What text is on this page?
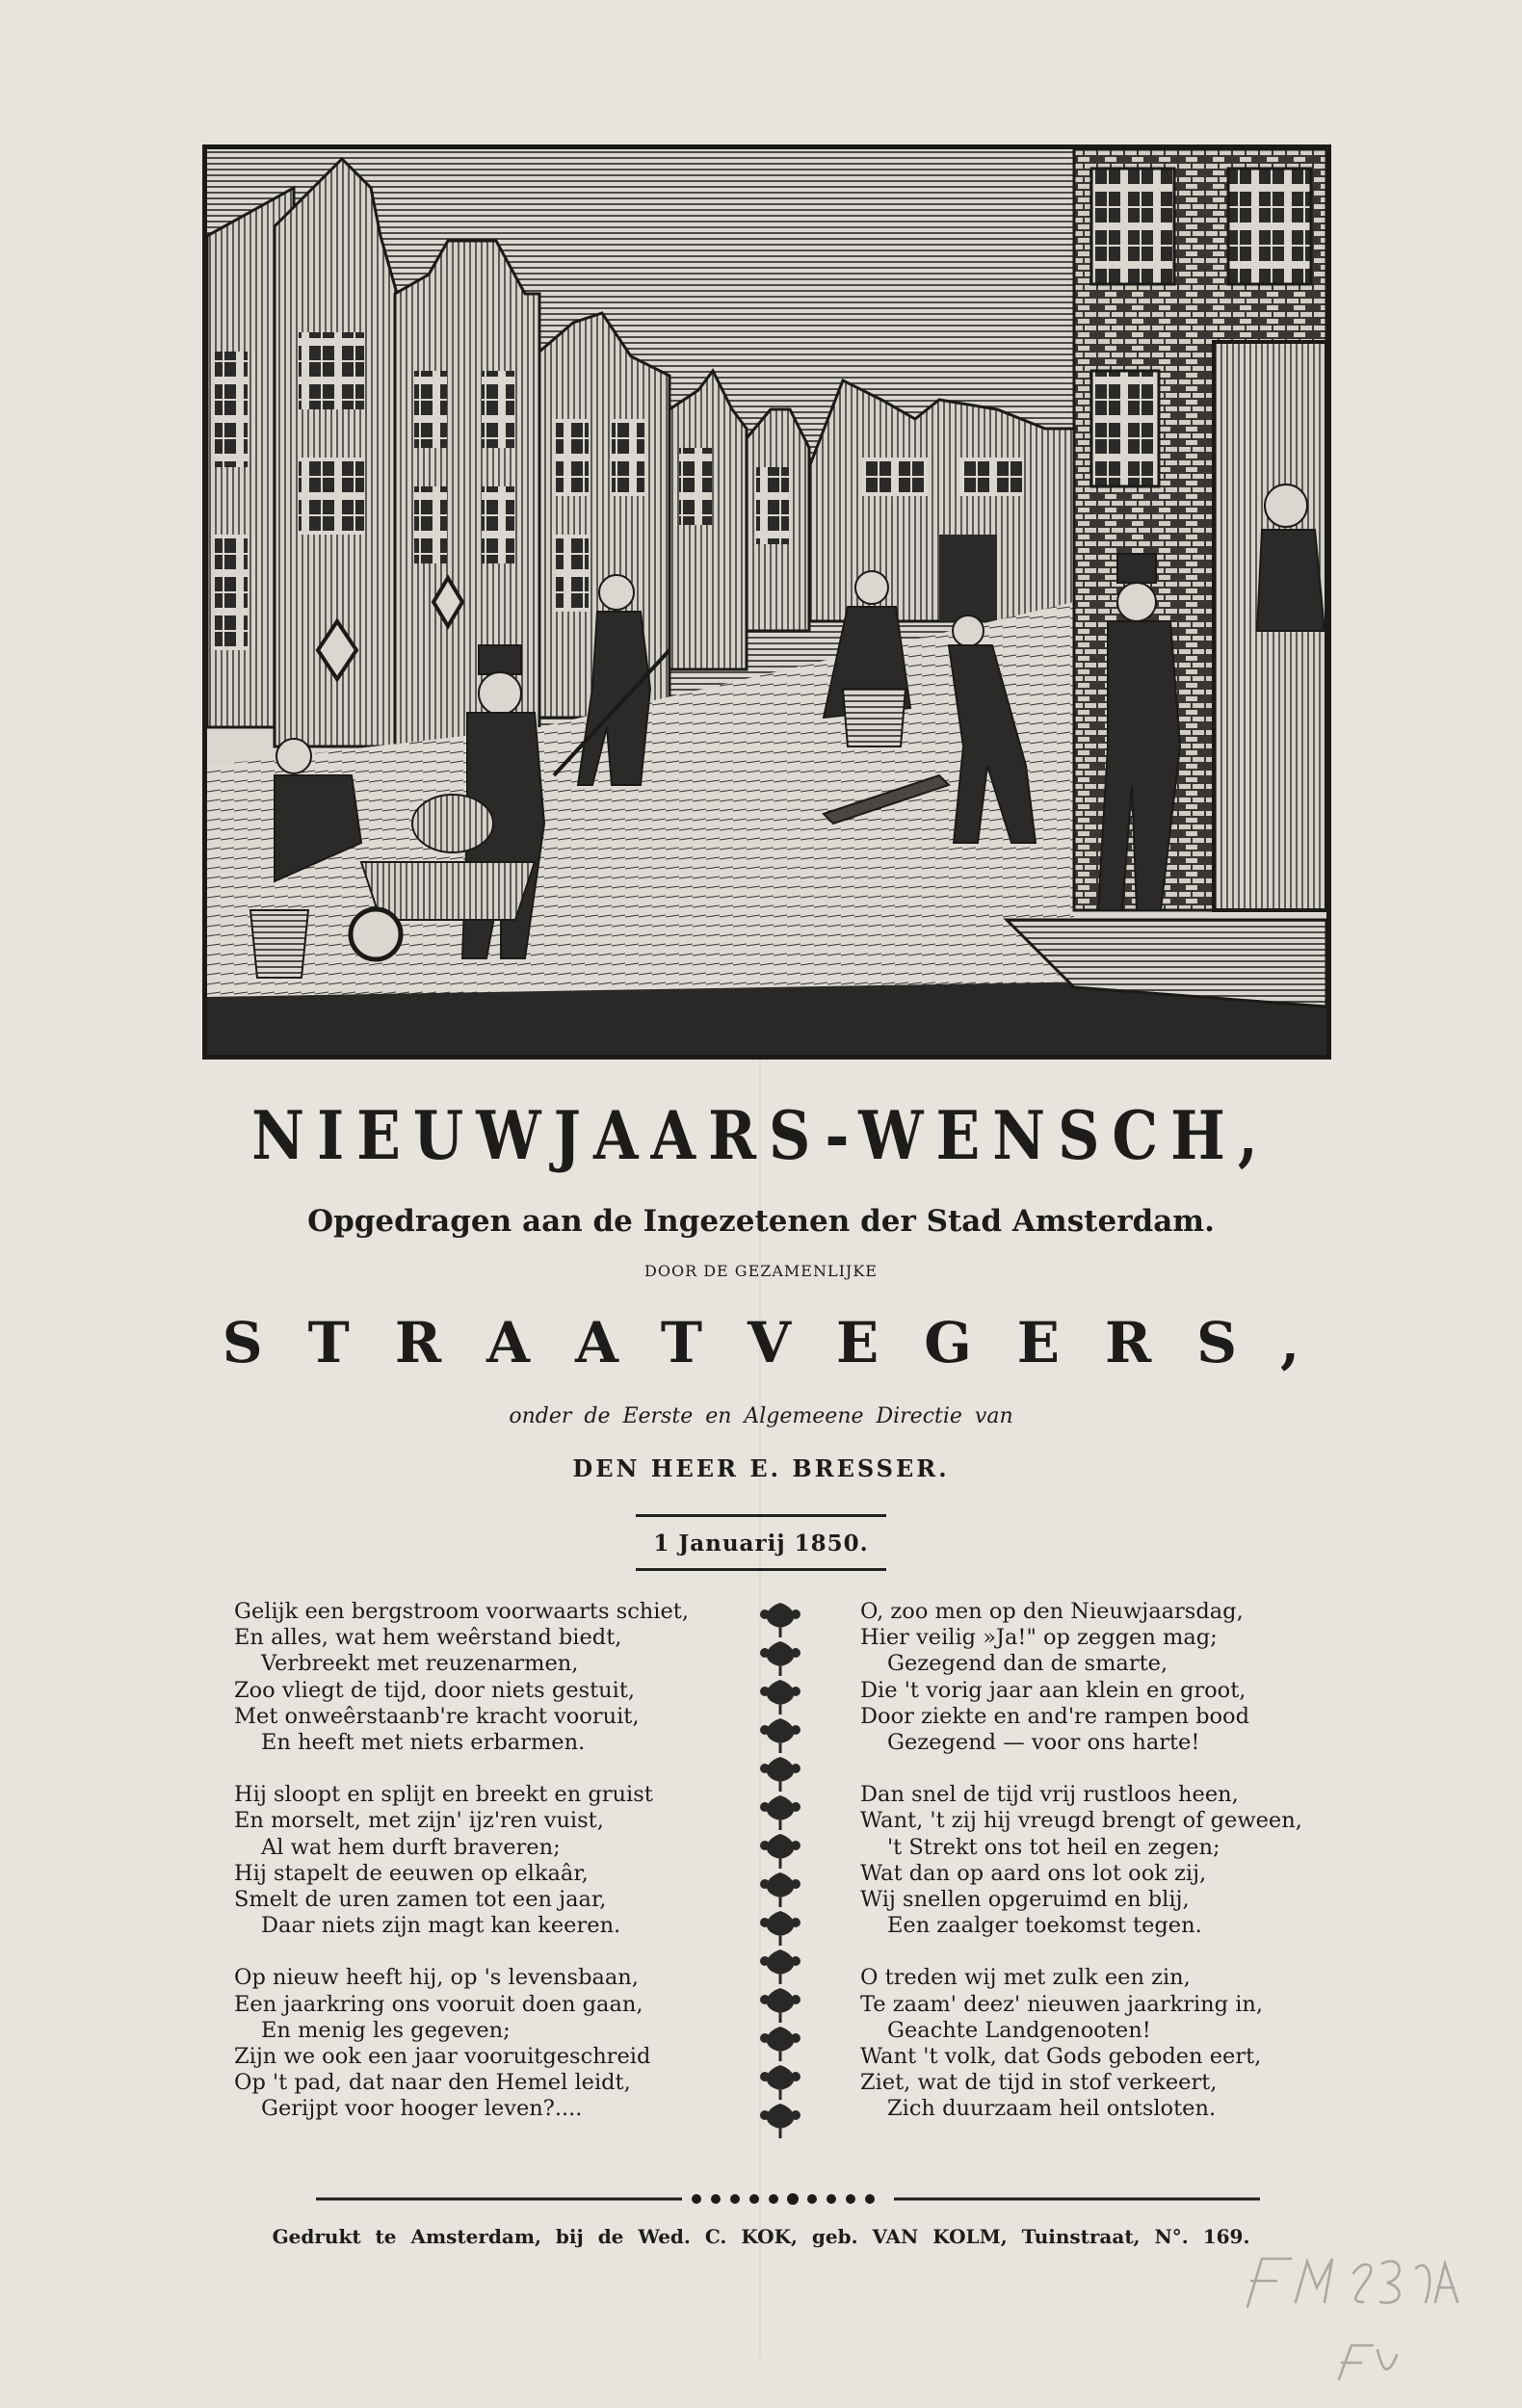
NIEUWJAARS-WENSCH,
Opgedragen aan de Ingezetenen der Stad Amsterdam.
DOOR DE GEZAMENLIJKE
STRAATVEGERS,
onder de Eerste en Algemeene Directie van
DEN HEER E. BRESSER.
1 Januarij 1850.
Gelijk een bergstroom voorwaarts schiet,
En alles, wat hem weêrstand biedt,
Verbreekt met reuzenarmen,
Zoo vliegt de tijd, door niets gestuit,
Met onweêrstaanb're kracht vooruit,
En heeft met niets erbarmen.
Hij sloopt en splijt en breekt en gruist
En morselt, met zijn' ijz'ren vuist,
Al wat hem durft braveren;
Hij stapelt de eeuwen op elkaâr,
Smelt de uren zamen tot een jaar,
Daar niets zijn magt kan keeren.
Op nieuw heeft hij, op 's levensbaan,
Een jaarkring ons vooruit doen gaan,
En menig les gegeven;
Zijn we ook een jaar vooruitgeschreid
Op 't pad, dat naar den Hemel leidt,
Gerijpt voor hooger leven?....
O, zoo men op den Nieuwjaarsdag,
Hier veilig »Ja!" op zeggen mag;
Gezegend dan de smarte,
Die 't vorig jaar aan klein en groot,
Door ziekte en and're rampen bood
Gezegend — voor ons harte!
Dan snel de tijd vrij rustloos heen,
Want, 't zij hij vreugd brengt of geween,
't Strekt ons tot heil en zegen;
Wat dan op aard ons lot ook zij,
Wij snellen opgeruimd en blij,
Een zaalger toekomst tegen.
O treden wij met zulk een zin,
Te zaam' deez' nieuwen jaarkring in,
Geachte Landgenooten!
Want 't volk, dat Gods geboden eert,
Ziet, wat de tijd in stof verkeert,
Zich duurzaam heil ontsloten.
Gedrukt te Amsterdam, bij de Wed. C. KOK, geb. VAN KOLM, Tuinstraat, N°. 169.
